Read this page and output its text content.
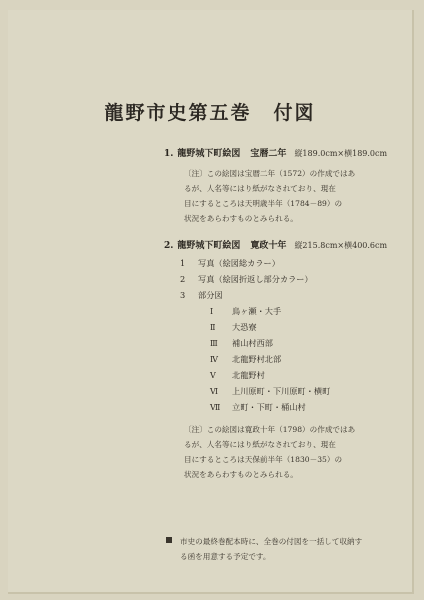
龍野市史第五巻 付図
1. 龍野城下町絵図 宝暦二年 縦189.0cm×横189.0cm
〔注〕この絵図は宝暦二年（1572）の作成ではあ
るが、人名等にはり紙がなされており、現在
目にするところは天明歳半年（1784－89）の
状況をあらわすものとみられる。
2. 龍野城下町絵図 寛政十年 縦215.8cm×横400.6cm
1 写真（絵図総カラー）
2 写真（絵図折返し部分カラー）
3 部分図
Ⅰ 鳥ヶ瀬・大手
Ⅱ 大恐寮
Ⅲ 補山村西部
Ⅳ 北龍野村北部
Ⅴ 北龍野村
Ⅵ 上川原町・下川原町・横町
Ⅶ 立町・下町・桶山村
〔注〕この絵図は寛政十年（1798）の作成ではあ
るが、人名等にはり紙がなされており、現在
目にするところは天保前半年（1830－35）の
状況をあらわすものとみられる。
市史の最終巻配本時に、全巻の付図を一括して収納す
る函を用意する予定です。
